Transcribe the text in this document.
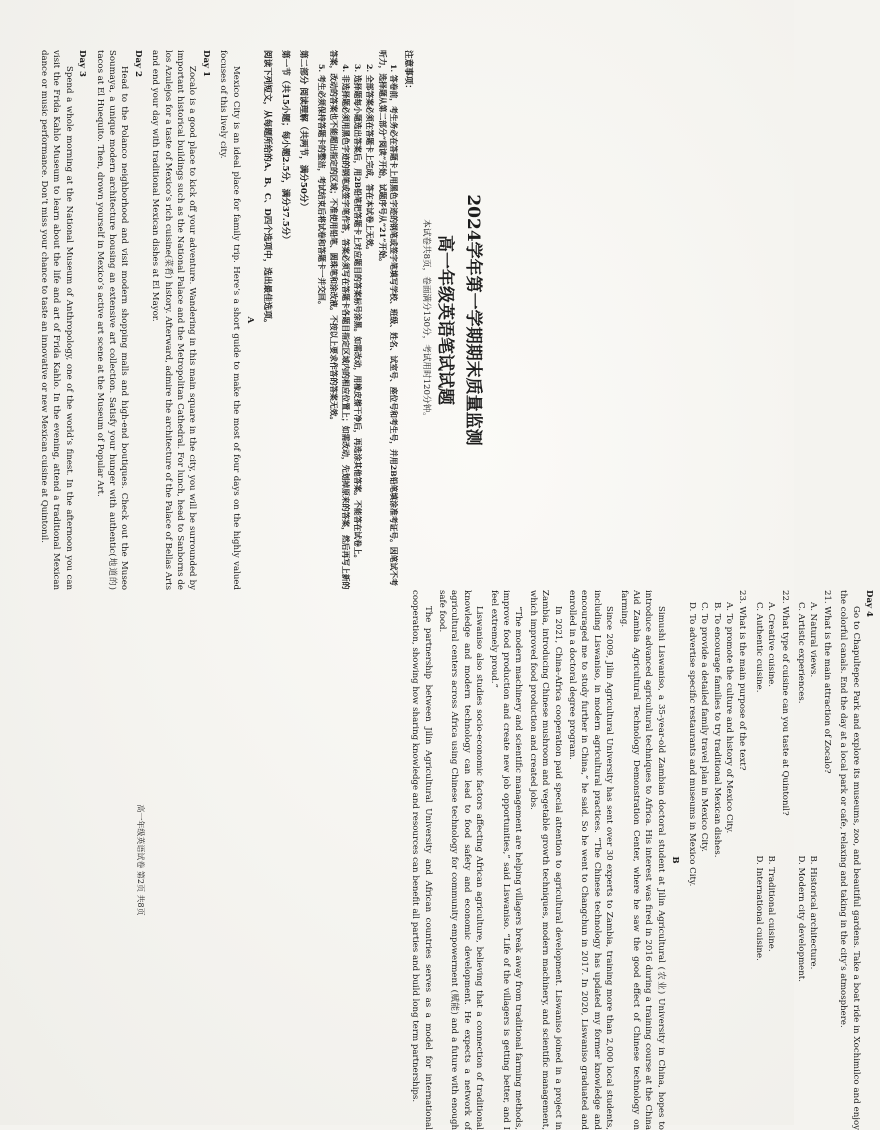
2024学年第一学期期末质量监测
高一年级英语笔试试题
本试卷共8页，卷面满分130分，考试用时120分钟。
注意事项：
1. 答卷前，考生务必在答题卡上用黑色字迹的钢笔或签字笔填写学校、班级、姓名、试室号、座位号和考生号，并用2B铅笔填涂准考证号。因笔试不考听力，选择题从第二部分“阅读”开始，试题序号从“21”开始。
2. 全部答案必须在答题卡上完成，答在本试卷上无效。
3. 选择题每小题选出答案后，用2B铅笔把答题卡上对应题目的答案标号涂黑。如需改动，用橡皮擦干净后，再选涂其他答案。不能答在试卷上。
4. 非选择题必须用黑色字迹的钢笔或签字笔作答，答案必须写在答题卡各题目指定区域内的相应位置上；如需改动，先划掉原来的答案，然后再写上新的答案，改动的答案也不能超出指定的区域；不准使用铅笔、圆珠笔和涂改液。不按以上要求作答的答案无效。
5. 考生必须保持答题卡的整洁，考试结束后将试卷和答题卡一并交回。
第二部分 阅读理解（共两节，满分50分）
第一节（共15小题；每小题2.5分，满分37.5分）
阅读下列短文，从每题所给的A、B、C、D四个选项中，选出最佳选项。
A

Mexico City is an ideal place for family trip. Here’s a short guide to make the most of four days on the highly valued focuses of this lively city.

Day 1

Zocalo is a good place to kick off your adventure. Wandering in this main square in the city, you will be surrounded by important historical buildings such as the National Palace and the Metropolitan Cathedral. For lunch, head to Sanborns de los Azulejos for a taste of Mexico’s rich cuisine(菜肴) history. Afterward, admire the architecture of the Palace of Bellas Arts and end your day with traditional Mexican dishes at El Mayor.

Day 2

Head to the Polanco neighborhood and visit modern shopping malls and high-end boutiques. Check out the Museo Soumaya, a unique modern architecture housing an extensive art collection. Satisfy your hunger with authentic(地道的) tacos at El Huequito. Then, drown yourself in Mexico’s active art scene at the Museum of Popular Art.

Day 3

Spend a whole morning at the National Museum of Anthropology, one of the world’s finest. In the afternoon you can visit the Frida Kahlo Museum to learn about the life and art of Frida Kahlo. In the evening, attend a traditional Mexican dance or music performance. Don’t miss your chance to taste an innovative or new Mexican cuisine at Quintonil.

Day 4

Go to Chapultepec Park and explore its museums, zoo, and beautiful gardens. Take a boat ride in Xochimilco and enjoy the colorful canals. End the day at a local park or cafe, relaxing and taking in the city’s atmosphere.

21. What is the main attraction of Zocalo?
A. Natural views.
B. Historical architecture.
C. Artistic experiences.
D. Modern city development.
22. What type of cuisine can you taste at Quintonil?
A. Creative cuisine.
B. Traditional cuisine.
C. Authentic cuisine.
D. International cuisine.
23. What is the main purpose of the text?
A. To promote the culture and history of Mexico City.
B. To encourage families to try traditional Mexican dishes.
C. To provide a detailed family travel plan in Mexico City.
D. To advertise specific restaurants and museums in Mexico City.
B

Simushi Liswaniso, a 35-year-old Zambian doctoral student at Jilin Agricultural (农业) University in China, hopes to introduce advanced agricultural techniques to Africa. His interest was fired in 2016 during a training course at the China Aid Zambia Agricultural Technology Demonstration Center, where he saw the good effect of Chinese technology on farming.

Since 2009, Jilin Agricultural University has sent over 30 experts to Zambia, training more than 2,000 local students, including Liswaniso, in modern agricultural practices. “The Chinese technology has updated my former knowledge and encouraged me to study further in China,” he said. So he went to Changchun in 2017. In 2020, Liswaniso graduated and enrolled in a doctoral degree program.

In 2021, China-Africa cooperation paid special attention to agricultural development. Liswaniso joined in a project in Zambia, introducing Chinese mushroom and vegetable growth techniques, modern machinery, and scientific management, which improved food production and created jobs.

“The modern machinery and scientific management are helping villagers break away from traditional farming methods, improve food production and create new job opportunities,” said Liswaniso. “Life of the villagers is getting better, and I feel extremely proud.”

Liswaniso also studies socio-economic factors affecting African agriculture, believing that a connection of traditional knowledge and modern technology can lead to food safety and economic development. He expects a network of agricultural centers across Africa using Chinese technology for community empowerment (赋能) and a future with enough safe food.

The partnership between Jilin Agricultural University and African countries serves as a model for international cooperation, showing how sharing knowledge and resources can benefit all parties and build long term partnerships.

高一年级英语试卷 第2页 共8页
